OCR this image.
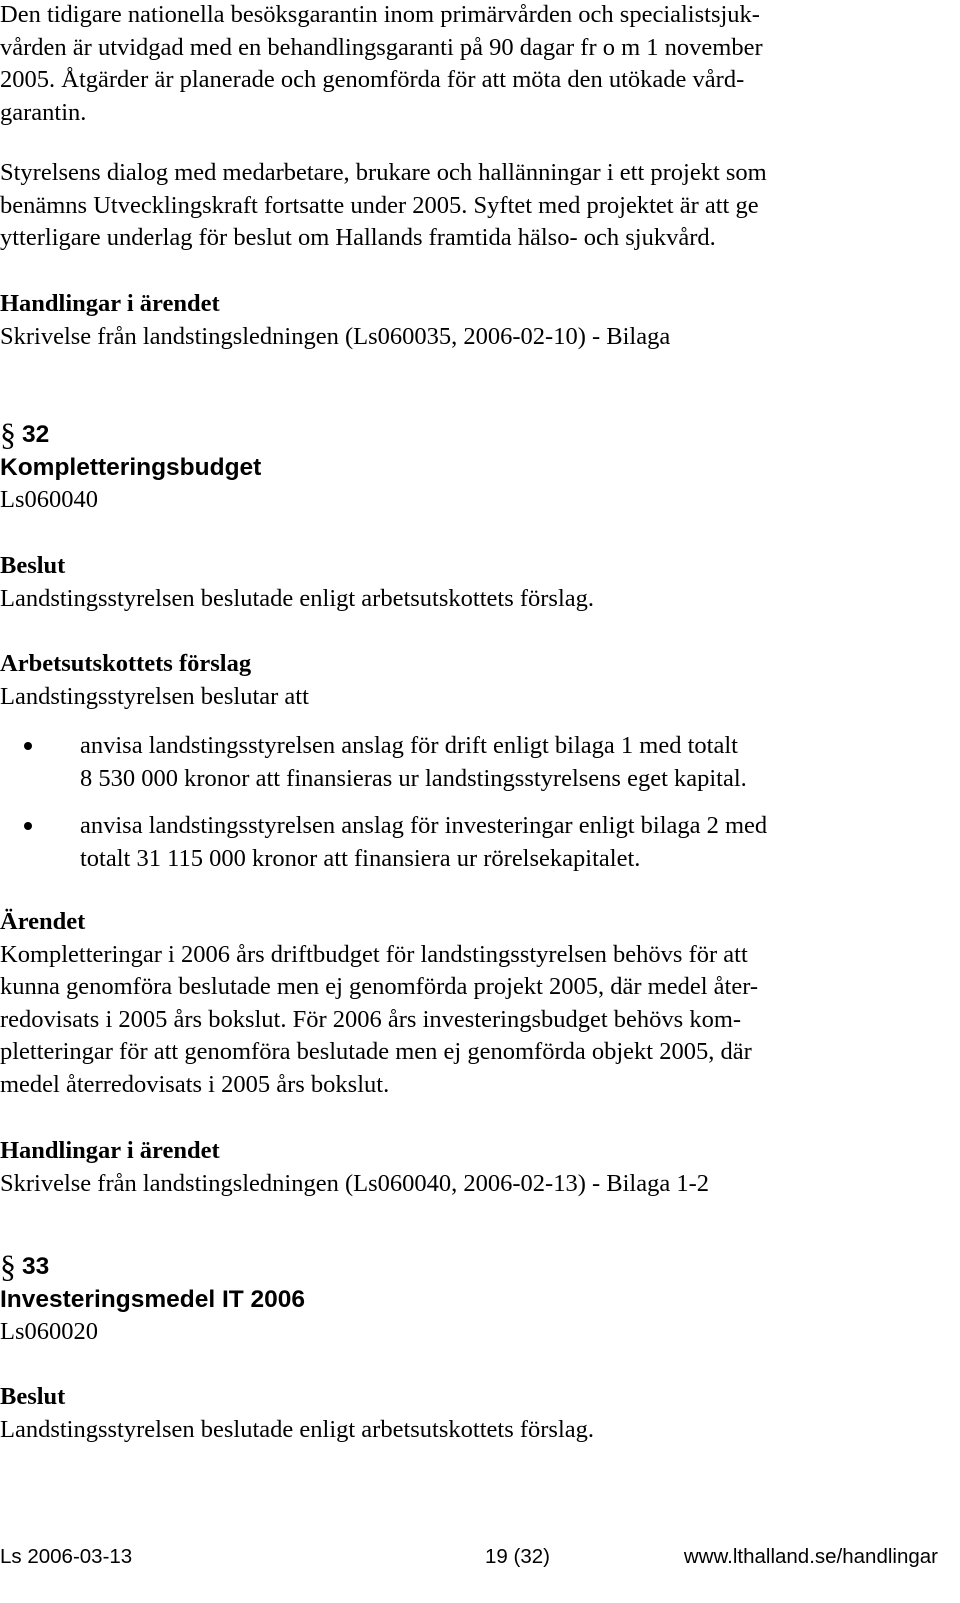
Den tidigare nationella besöksgarantin inom primärvården och specialistsjuk-
vården är utvidgad med en behandlingsgaranti på 90 dagar fr o m 1 november
2005. Åtgärder är planerade och genomförda för att möta den utökade vård-
garantin.
Styrelsens dialog med medarbetare, brukare och hallänningar i ett projekt som
benämns Utvecklingskraft fortsatte under 2005. Syftet med projektet är att ge
ytterligare underlag för beslut om Hallands framtida hälso- och sjukvård.
Handlingar i ärendet
Skrivelse från landstingsledningen (Ls060035, 2006-02-10) - Bilaga
§ 32
Kompletteringsbudget
Ls060040
Beslut
Landstingsstyrelsen beslutade enligt arbetsutskottets förslag.
Arbetsutskottets förslag
Landstingsstyrelsen beslutar att
anvisa landstingsstyrelsen anslag för drift enligt bilaga 1 med totalt
8 530 000 kronor att finansieras ur landstingsstyrelsens eget kapital.
anvisa landstingsstyrelsen anslag för investeringar enligt bilaga 2 med
totalt 31 115 000 kronor att finansiera ur rörelsekapitalet.
Ärendet
Kompletteringar i 2006 års driftbudget för landstingsstyrelsen behövs för att
kunna genomföra beslutade men ej genomförda projekt 2005, där medel åter-
redovisats i 2005 års bokslut. För 2006 års investeringsbudget behövs kom-
pletteringar för att genomföra beslutade men ej genomförda objekt 2005, där
medel återredovisats i 2005 års bokslut.
Handlingar i ärendet
Skrivelse från landstingsledningen (Ls060040, 2006-02-13) - Bilaga 1-2
§ 33
Investeringsmedel IT 2006
Ls060020
Beslut
Landstingsstyrelsen beslutade enligt arbetsutskottets förslag.
Ls 2006-03-13	19 (32)	www.lthalland.se/handlingar
